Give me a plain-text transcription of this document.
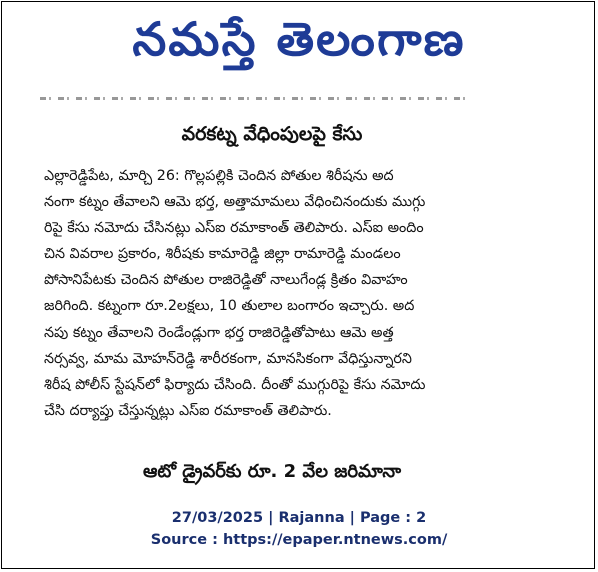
నమస్తే తెలంగాణ
వరకట్న వేధింపులపై కేసు
ఎల్లారెడ్డిపేట, మార్చి 26: గొల్లపల్లికి చెందిన పోతుల శిరీషను అద
నంగా కట్నం తేవాలని ఆమె భర్త, అత్తామామలు వేధించినందుకు ముగ్గు
రిపై కేసు నమోదు చేసినట్లు ఎస్ఐ రమాకాంత్ తెలిపారు. ఎస్ఐ అందిం
చిన వివరాల ప్రకారం, శిరీషకు కామారెడ్డి జిల్లా రామారెడ్డి మండలం
పోసానిపేటకు చెందిన పోతుల రాజిరెడ్డితో నాలుగేండ్ల క్రితం వివాహం
జరిగింది. కట్నంగా రూ.2లక్షలు, 10 తులాల బంగారం ఇచ్చారు. అద
నపు కట్నం తేవాలని రెండేండ్లుగా భర్త రాజిరెడ్డితోపాటు ఆమె అత్త
నర్సవ్వ, మామ మోహన్‌రెడ్డి శారీరకంగా, మానసికంగా వేధిస్తున్నారని
శిరీష పోలీస్ స్టేషన్‌లో ఫిర్యాదు చేసింది. దీంతో ముగ్గురిపై కేసు నమోదు
చేసి దర్యాప్తు చేస్తున్నట్లు ఎస్ఐ రమాకాంత్ తెలిపారు.
ఆటో డ్రైవర్‌కు రూ. 2 వేల జరిమానా
27/03/2025 | Rajanna | Page : 2
Source : https://epaper.ntnews.com/
